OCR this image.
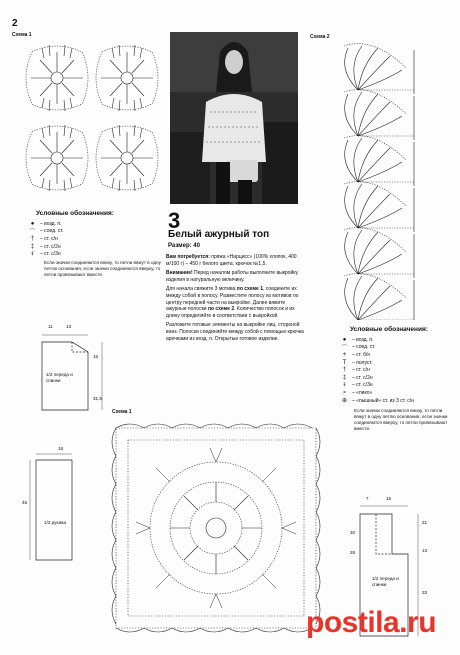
2
Схема 1
Условные обозначения:
●	– возд. п.
⌒ – соед. ст.
†	– ст. с/н
‡	– ст. с/2н
⫲	– ст. с/3н
Если значки соединяются внизу, то петли вяжут в одну петлю основания, если значки соединяются вверху, то петли провязывают вместе.
11	13
16
31,5
1/2 переда и спинки
16
45
1/2 рукава
3
Белый ажурный топ
Размер: 40

Вам потребуется: пряжа «Нарцисс» (100% хлопок, 400 м/100 г) – 450 г белого цвета, крючок №1,5.

Внимание! Перед началом работы выполните выкройку изделия в натуральную величину.

Для начала свяжите 3 мотива по схеме 1, соедините их между собой в полосу. Разместите полосу из мотивов по центру передней части на выкройке. Далее вяжите ажурные полоски по схеме 2. Количество полосок и их длину определяйте в соответствии с выкройкой.

Разложите готовые элементы на выкройке лиц. стороной вниз. Полоски соединяйте между собой с помощью крючка арочками из возд. п. Открытые готовое изделие.

Схема 1
Схема 2
Условные обозначения:
●	– возд. п.
⌒ – соед. ст.
+	– ст. б/н
Т	– полуст.
†	– ст. с/н
‡	– ст. с/2н
⫲	– ст. с/3н
∘	– «пико»
⊕ – «пышный» ст. из 3 ст. с/н
Если значки соединяются внизу, то петли вяжут в одну петлю основания, если значки соединяются вверху, то петли провязывают вместе.
7	15
20
21
26	13
33
1/2 переда и спинки
postila.ru
